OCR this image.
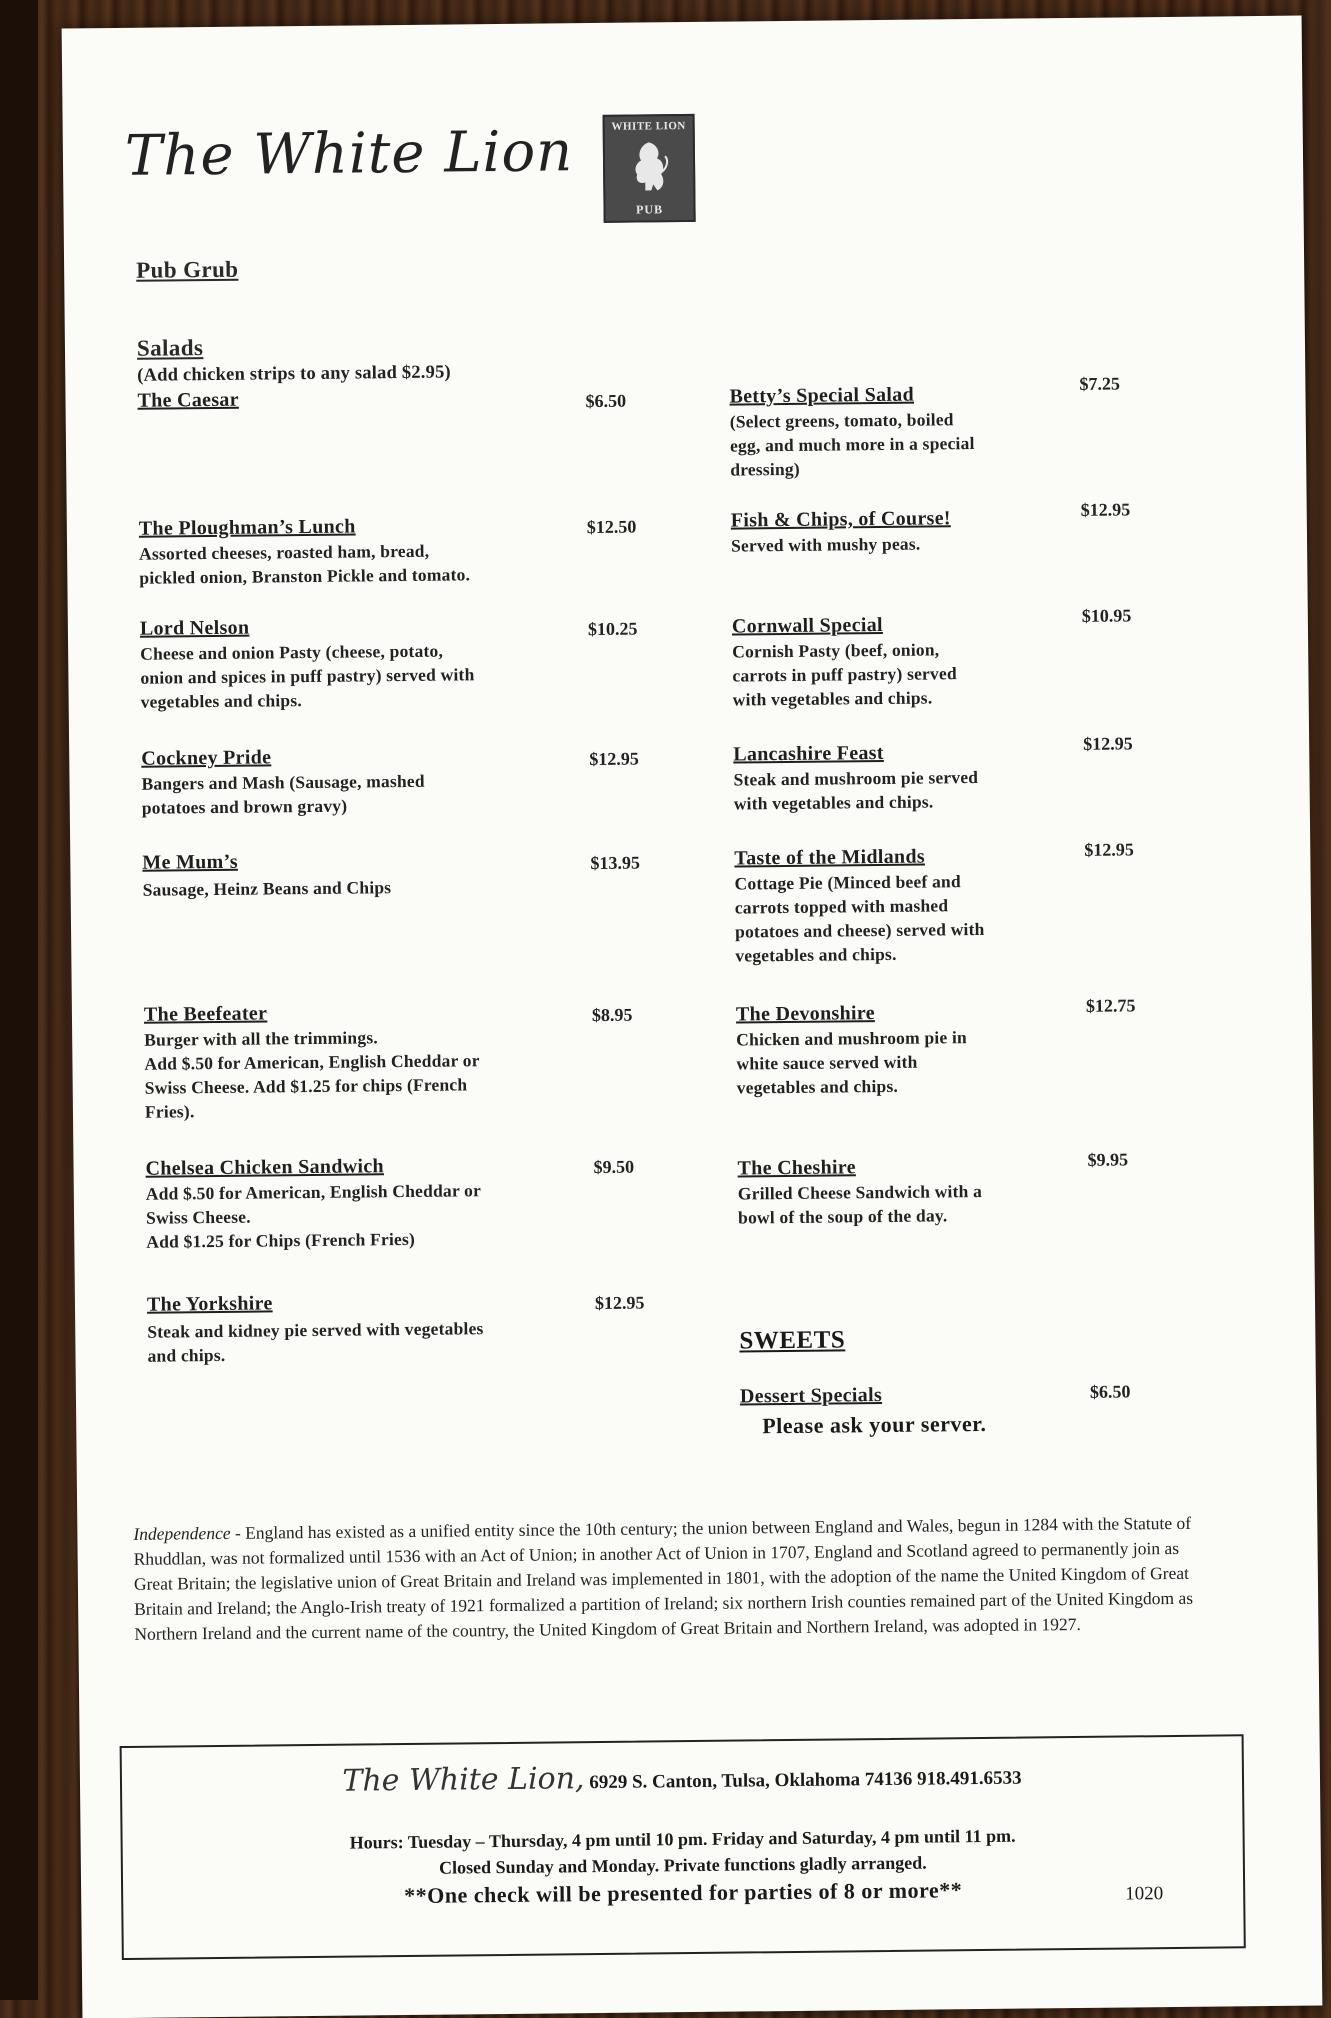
The White Lion	WHITE LION
PUB
Pub Grub
Salads
(Add chicken strips to any salad $2.95)
The Caesar	$6.50
The Ploughman’s Lunch
Assorted cheeses, roasted ham, bread,
pickled onion, Branston Pickle and tomato.
$12.50
Lord Nelson
Cheese and onion Pasty (cheese, potato,
onion and spices in puff pastry) served with
vegetables and chips.
$10.25
Cockney Pride
Bangers and Mash (Sausage, mashed
potatoes and brown gravy)
$12.95
Me Mum’s
Sausage, Heinz Beans and Chips
$13.95
The Beefeater
Burger with all the trimmings.
Add $.50 for American, English Cheddar or
Swiss Cheese. Add $1.25 for chips (French
Fries).
$8.95
Chelsea Chicken Sandwich
Add $.50 for American, English Cheddar or
Swiss Cheese.
Add $1.25 for Chips (French Fries)
$9.50
The Yorkshire
Steak and kidney pie served with vegetables
and chips.
$12.95
Betty’s Special Salad
(Select greens, tomato, boiled
egg, and much more in a special
dressing)
$7.25
Fish & Chips, of Course!
Served with mushy peas.
$12.95
Cornwall Special
Cornish Pasty (beef, onion,
carrots in puff pastry) served
with vegetables and chips.
$10.95
Lancashire Feast
Steak and mushroom pie served
with vegetables and chips.
$12.95
Taste of the Midlands
Cottage Pie (Minced beef and
carrots topped with mashed
potatoes and cheese) served with
vegetables and chips.
$12.95
The Devonshire
Chicken and mushroom pie in
white sauce served with
vegetables and chips.
$12.75
The Cheshire
Grilled Cheese Sandwich with a
bowl of the soup of the day.
$9.95
SWEETS
Dessert Specials	$6.50
Please ask your server.
Independence - England has existed as a unified entity since the 10th century; the union between England and Wales, begun in 1284 with the Statute of Rhuddlan, was not formalized until 1536 with an Act of Union; in another Act of Union in 1707, England and Scotland agreed to permanently join as Great Britain; the legislative union of Great Britain and Ireland was implemented in 1801, with the adoption of the name the United Kingdom of Great Britain and Ireland; the Anglo-Irish treaty of 1921 formalized a partition of Ireland; six northern Irish counties remained part of the United Kingdom as Northern Ireland and the current name of the country, the United Kingdom of Great Britain and Northern Ireland, was adopted in 1927.
The White Lion, 6929 S. Canton, Tulsa, Oklahoma 74136 918.491.6533
Hours: Tuesday – Thursday, 4 pm until 10 pm. Friday and Saturday, 4 pm until 11 pm.
Closed Sunday and Monday. Private functions gladly arranged.
**One check will be presented for parties of 8 or more**	1020
